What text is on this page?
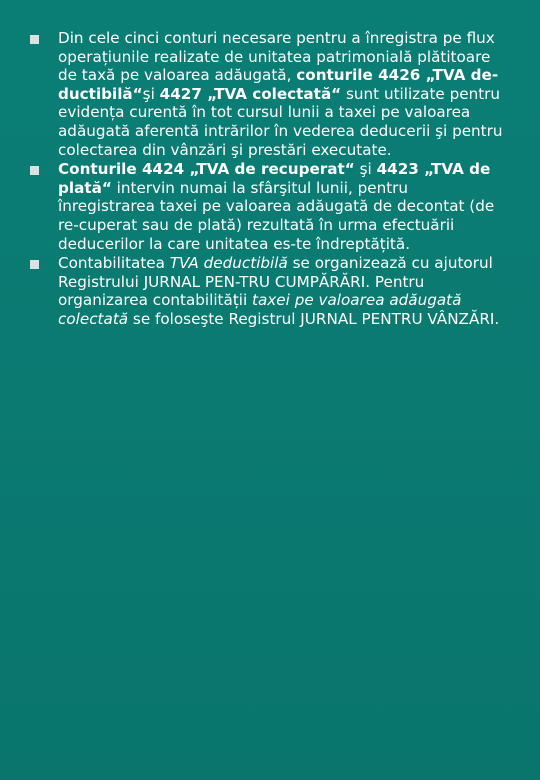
Din cele cinci conturi necesare pentru a înregistra pe flux operațiunile realizate de unitatea patrimonială plătitoare de taxă pe valoarea adăugată, conturile 4426 „TVA de-ductibilă“şi 4427 „TVA colectată“ sunt utilizate pentru evidența curentă în tot cursul lunii a taxei pe valoarea adăugată aferentă intrărilor în vederea deducerii şi pentru colectarea din vânzări şi prestări executate.
Conturile 4424 „TVA de recuperat“ şi 4423 „TVA de plată“ intervin numai la sfârşitul lunii, pentru înregistrarea taxei pe valoarea adăugată de decontat (de re-cuperat sau de plată) rezultată în urma efectuării deducerilor la care unitatea es-te îndreptățită.
Contabilitatea TVA deductibilă se organizează cu ajutorul Registrului JURNAL PEN-TRU CUMPĂRĂRI. Pentru organizarea contabilității taxei pe valoarea adăugată colectată se foloseşte Registrul JURNAL PENTRU VÂNZĂRI.
